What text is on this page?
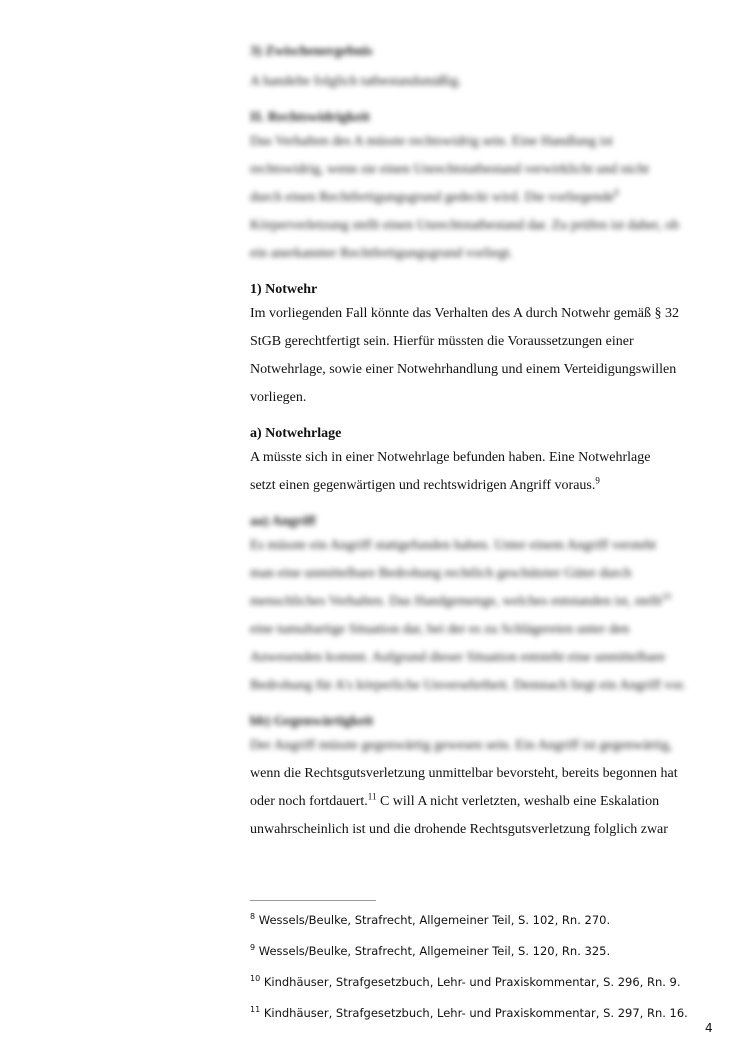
3) Zwischenergebnis

A handelte folglich tatbestandsmäßig.

II. Rechtswidrigkeit

Das Verhalten des A müsste rechtswidrig sein. Eine Handlung ist

rechtswidrig, wenn sie einen Unrechtstatbestand verwirklicht und nicht

durch einen Rechtfertigungsgrund gedeckt wird. Die vorliegende$^8$

Körperverletzung stellt einen Unrechtstatbestand dar. Zu prüfen ist daher, ob

ein anerkannter Rechtfertigungsgrund vorliegt.

1) Notwehr

Im vorliegenden Fall könnte das Verhalten des A durch Notwehr gemäß § 32

StGB gerechtfertigt sein. Hierfür müssten die Voraussetzungen einer

Notwehrlage, sowie einer Notwehrhandlung und einem Verteidigungswillen

vorliegen.

a) Notwehrlage

A müsste sich in einer Notwehrlage befunden haben. Eine Notwehrlage

setzt einen gegenwärtigen und rechtswidrigen Angriff voraus.$^9$

aa) Angriff

Es müsste ein Angriff stattgefunden haben. Unter einem Angriff versteht

man eine unmittelbare Bedrohung rechtlich geschützter Güter durch

menschliches Verhalten. Das Handgemenge, welches entstanden ist, stellt$^{10}$

eine tumultartige Situation dar, bei der es zu Schlägereien unter den

Anwesenden kommt. Aufgrund dieser Situation entsteht eine unmittelbare

Bedrohung für A's körperliche Unversehrtheit. Demnach liegt ein Angriff vor.

bb) Gegenwärtigkeit

Der Angriff müsste gegenwärtig gewesen sein. Ein Angriff ist gegenwärtig,

wenn die Rechtsgutsverletzung unmittelbar bevorsteht, bereits begonnen hat

oder noch fortdauert.$^{11}$ C will A nicht verletzten, weshalb eine Eskalation

unwahrscheinlich ist und die drohende Rechtsgutsverletzung folglich zwar

$^8$ Wessels/Beulke, Strafrecht, Allgemeiner Teil, S. 102, Rn. 270.

$^9$ Wessels/Beulke, Strafrecht, Allgemeiner Teil, S. 120, Rn. 325.

$^{10}$ Kindhäuser, Strafgesetzbuch, Lehr- und Praxiskommentar, S. 296, Rn. 9.

$^{11}$ Kindhäuser, Strafgesetzbuch, Lehr- und Praxiskommentar, S. 297, Rn. 16.

4
